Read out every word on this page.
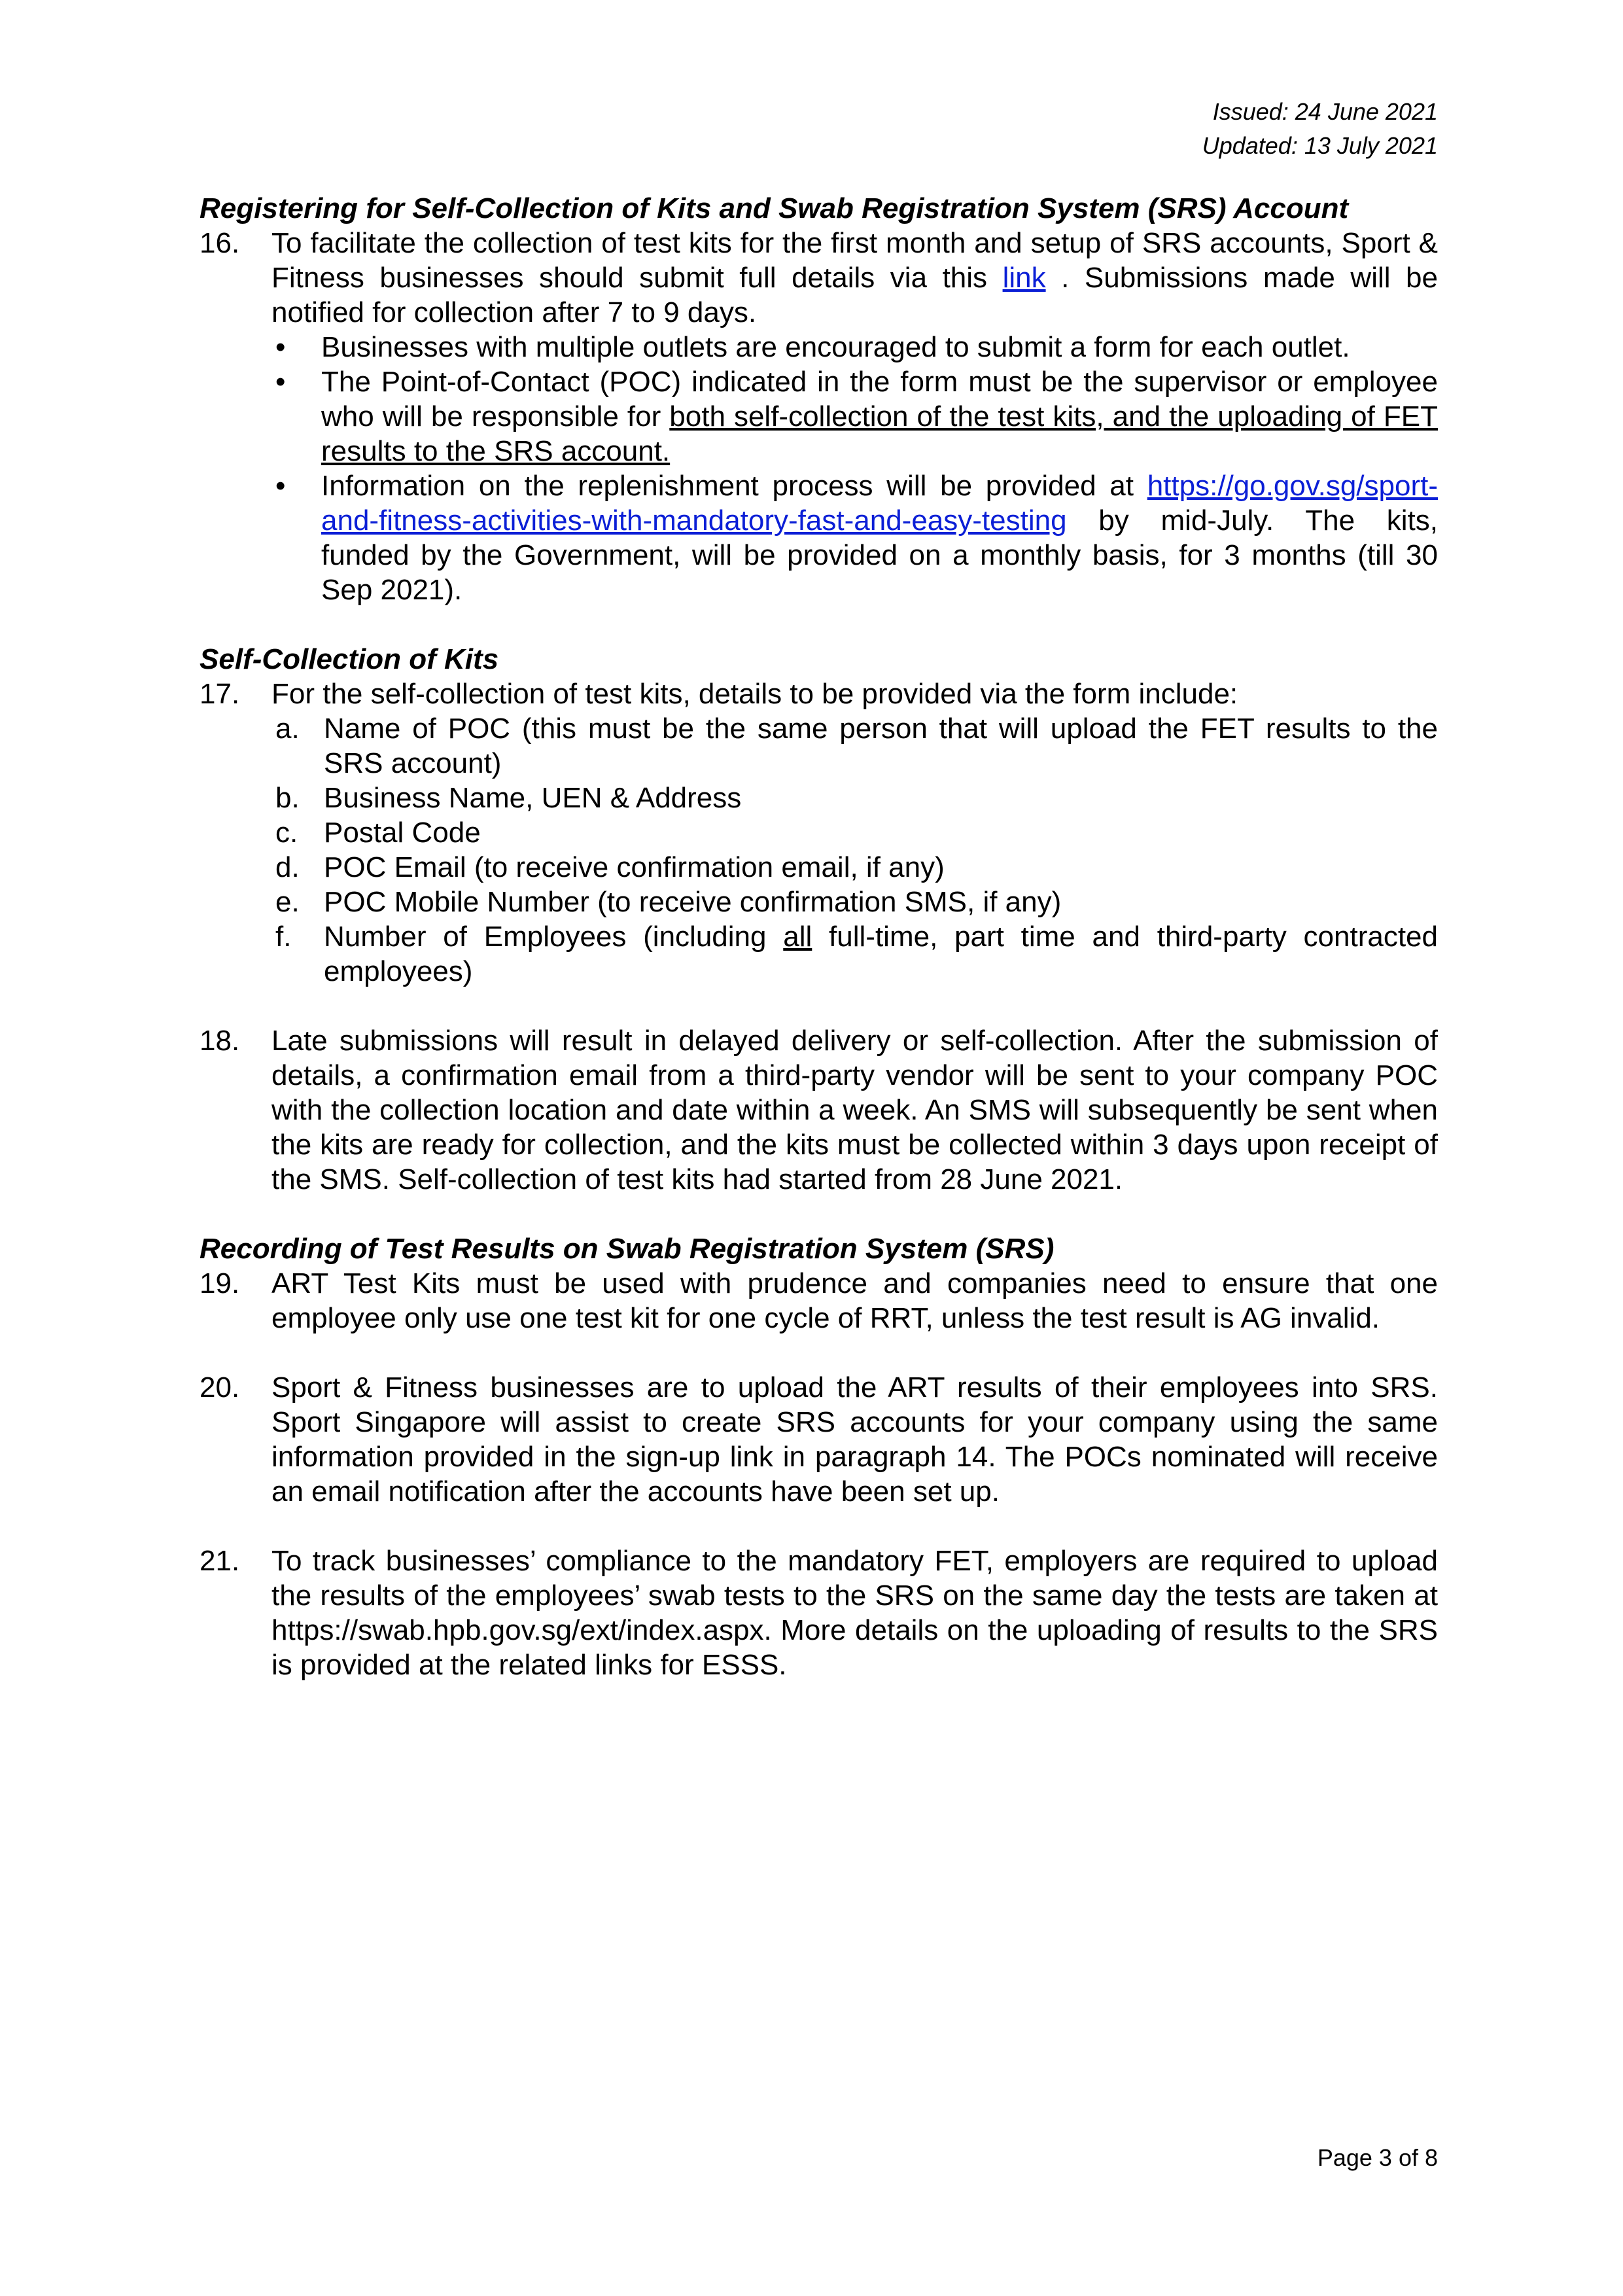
Issued: 24 June 2021
Updated: 13 July 2021
Registering for Self-Collection of Kits and Swab Registration System (SRS) Account
16.	To facilitate the collection of test kits for the first month and setup of SRS accounts, Sport & Fitness businesses should submit full details via this link . Submissions made will be notified for collection after 7 to 9 days.
•	Businesses with multiple outlets are encouraged to submit a form for each outlet.
•	The Point-of-Contact (POC) indicated in the form must be the supervisor or employee who will be responsible for both self-collection of the test kits, and the uploading of FET results to the SRS account.
•	Information on the replenishment process will be provided at https://go.gov.sg/sport-and-fitness-activities-with-mandatory-fast-and-easy-testing by mid-July. The kits, funded by the Government, will be provided on a monthly basis, for 3 months (till 30 Sep 2021).
Self-Collection of Kits
17.	For the self-collection of test kits, details to be provided via the form include:
a. Name of POC (this must be the same person that will upload the FET results to the SRS account)
b. Business Name, UEN & Address
c. Postal Code
d. POC Email (to receive confirmation email, if any)
e. POC Mobile Number (to receive confirmation SMS, if any)
f.	Number of Employees (including all full-time, part time and third-party contracted employees)
18.	Late submissions will result in delayed delivery or self-collection. After the submission of details, a confirmation email from a third-party vendor will be sent to your company POC with the collection location and date within a week. An SMS will subsequently be sent when the kits are ready for collection, and the kits must be collected within 3 days upon receipt of the SMS. Self-collection of test kits had started from 28 June 2021.
Recording of Test Results on Swab Registration System (SRS)
19.	ART Test Kits must be used with prudence and companies need to ensure that one employee only use one test kit for one cycle of RRT, unless the test result is AG invalid.
20.	Sport & Fitness businesses are to upload the ART results of their employees into SRS. Sport Singapore will assist to create SRS accounts for your company using the same information provided in the sign-up link in paragraph 14. The POCs nominated will receive an email notification after the accounts have been set up.
21.	To track businesses’ compliance to the mandatory FET, employers are required to upload the results of the employees’ swab tests to the SRS on the same day the tests are taken at https://swab.hpb.gov.sg/ext/index.aspx. More details on the uploading of results to the SRS is provided at the related links for ESSS.
Page 3 of 8
